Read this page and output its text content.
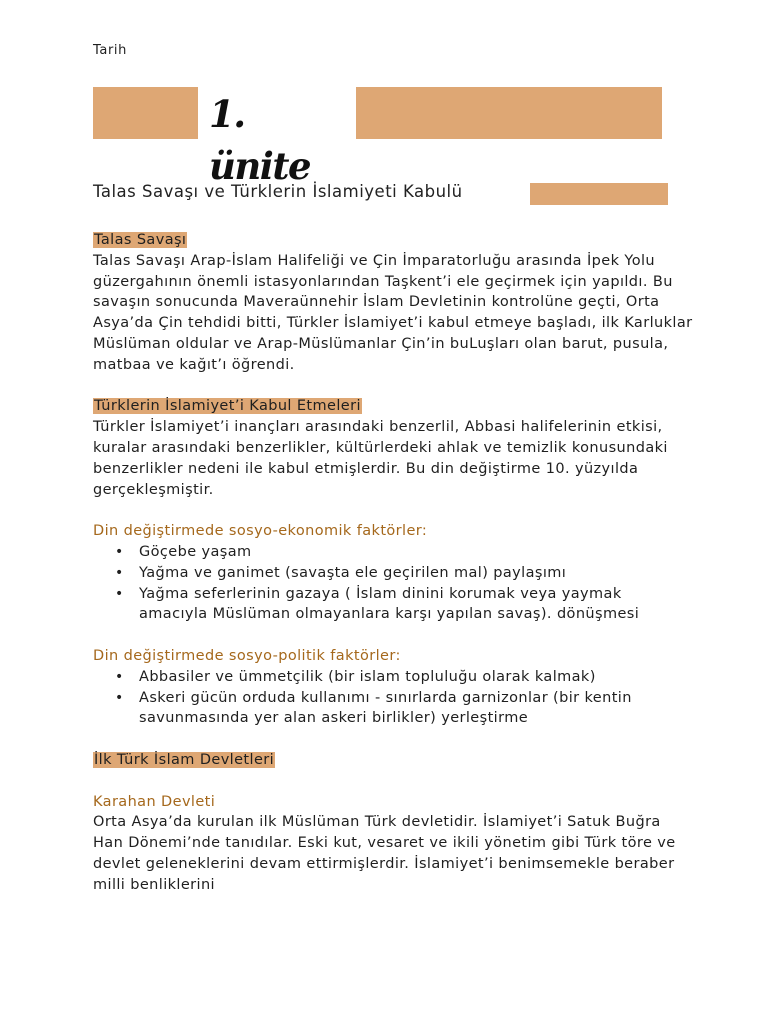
Tarih
1. ünite
Talas Savaşı ve Türklerin İslamiyeti Kabulü

Talas Savaşı

Talas Savaşı Arap-İslam Halifeliği ve Çin İmparatorluğu arasında İpek Yolu güzergahının önemli istasyonlarından Taşkent’i ele geçirmek için yapıldı. Bu savaşın sonucunda Maveraünnehir İslam Devletinin kontrolüne geçti, Orta Asya’da Çin tehdidi bitti, Türkler İslamiyet’i kabul etmeye başladı, ilk Karluklar Müslüman oldular ve Arap-Müslümanlar Çin’in buLuşları olan barut, pusula, matbaa ve kağıt’ı öğrendi.

Türklerin İslamiyet’i Kabul Etmeleri

Türkler İslamiyet’i inançları arasındaki benzerlil, Abbasi halifelerinin etkisi, kuralar arasındaki benzerlikler, kültürlerdeki ahlak ve temizlik konusundaki benzerlikler nedeni ile kabul etmişlerdir. Bu din değiştirme 10. yüzyılda gerçekleşmiştir.

Din değiştirmede sosyo-ekonomik faktörler:

• Göçebe yaşam
• Yağma ve ganimet (savaşta ele geçirilen mal) paylaşımı
• Yağma seferlerinin gazaya ( İslam dinini korumak veya yaymak amacıyla Müslüman olmayanlara karşı yapılan savaş). dönüşmesi

Din değiştirmede sosyo-politik faktörler:

• Abbasiler ve ümmetçilik (bir islam topluluğu olarak kalmak)
• Askeri gücün orduda kullanımı - sınırlarda garnizonlar (bir kentin savunmasında yer alan askeri birlikler) yerleştirme

İlk Türk İslam Devletleri

Karahan Devleti

Orta Asya’da kurulan ilk Müslüman Türk devletidir. İslamiyet’i Satuk Buğra Han Dönemi’nde tanıdılar. Eski kut, vesaret ve ikili yönetim gibi Türk töre ve devlet geleneklerini devam ettirmişlerdir. İslamiyet’i benimsemekle beraber milli benliklerini
